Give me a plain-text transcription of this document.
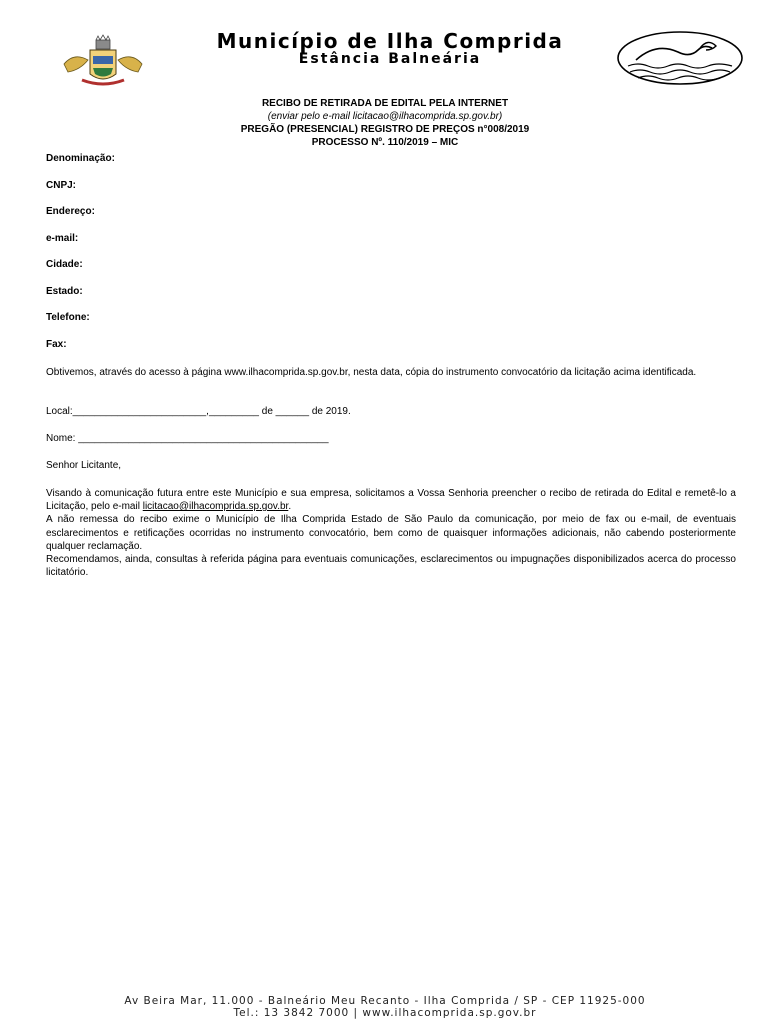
Município de Ilha Comprida
Estância Balneária
RECIBO DE RETIRADA DE EDITAL PELA INTERNET
(enviar pelo e-mail licitacao@ilhacomprida.sp.gov.br)
PREGÃO (PRESENCIAL) REGISTRO DE PREÇOS n°008/2019
PROCESSO Nº. 110/2019 – MIC
Denominação:
CNPJ:
Endereço:
e-mail:
Cidade:
Estado:
Telefone:
Fax:
Obtivemos, através do acesso à página www.ilhacomprida.sp.gov.br, nesta data, cópia do instrumento convocatório da licitação acima identificada.
Local:________________________,_________ de ______ de 2019.
Nome: _____________________________________________
Senhor Licitante,

Visando à comunicação futura entre este Município e sua empresa, solicitamos a Vossa Senhoria preencher o recibo de retirada do Edital e remetê-lo a Licitação, pelo e-mail licitacao@ilhacomprida.sp.gov.br.

A não remessa do recibo exime o Município de Ilha Comprida Estado de São Paulo da comunicação, por meio de fax ou e-mail, de eventuais esclarecimentos e retificações ocorridas no instrumento convocatório, bem como de quaisquer informações adicionais, não cabendo posteriormente qualquer reclamação.

Recomendamos, ainda, consultas à referida página para eventuais comunicações, esclarecimentos ou impugnações disponibilizados acerca do processo licitatório.

Av Beira Mar, 11.000 - Balneário Meu Recanto - Ilha Comprida / SP - CEP 11925-000
Tel.: 13 3842 7000 | www.ilhacomprida.sp.gov.br
